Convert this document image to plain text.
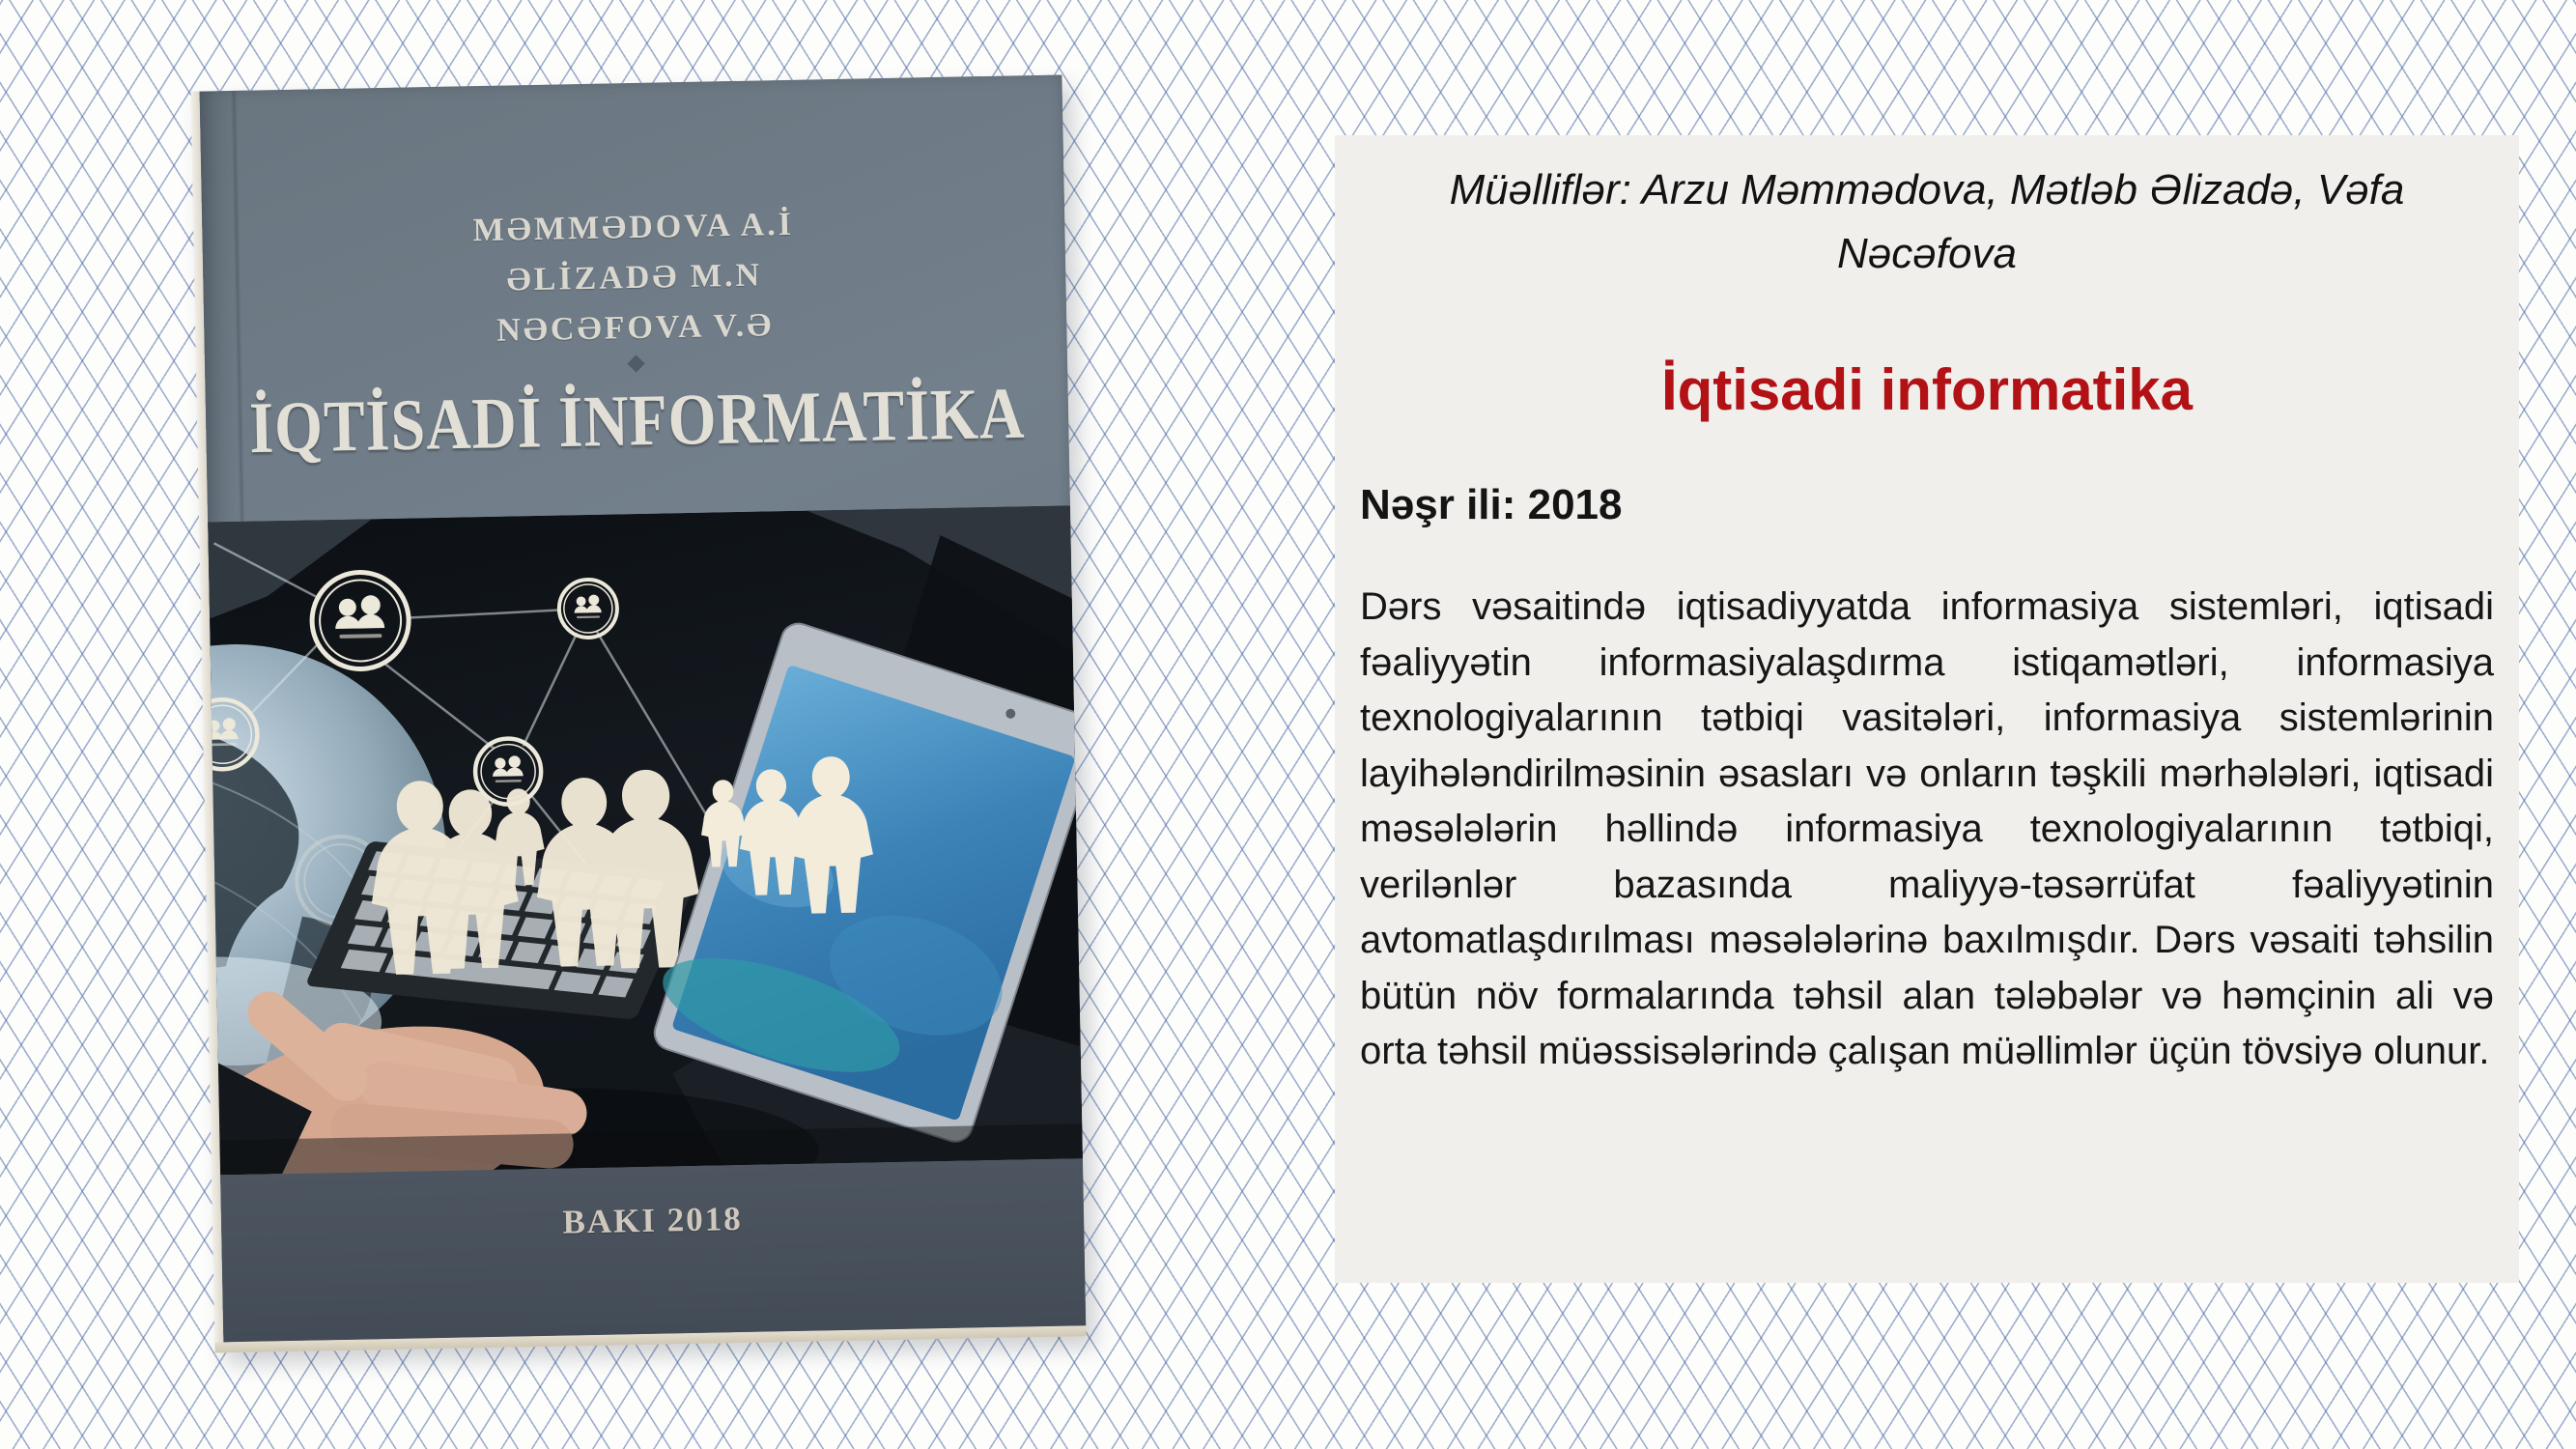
MƏMMƏDOVA A.İ
ƏLİZADƏ M.N
NƏCƏFOVA V.Ə
İQTİSADİ İNFORMATİKA
BAKI 2018
Müəlliflər: Arzu Məmmədova, Mətləb Əlizadə, Vəfa Nəcəfova
İqtisadi informatika
Nəşr ili: 2018
Dərs vəsaitində iqtisadiyyatda informasiya sistemləri, iqtisadi fəaliyyətin informasiyalaşdırma istiqamətləri, informasiya texnologiyalarının tətbiqi vasitələri, informasiya sistemlərinin layihələndirilməsinin əsasları və onların təşkili mərhələləri, iqtisadi məsələlərin həllində informasiya texnologiyalarının tətbiqi, verilənlər bazasında maliyyə-təsərrüfat fəaliyyətinin avtomatlaşdırılması məsələlərinə baxılmışdır. Dərs vəsaiti təhsilin bütün növ formalarında təhsil alan tələbələr və həmçinin ali və orta təhsil müəssisələrində çalışan müəllimlər üçün tövsiyə olunur.
